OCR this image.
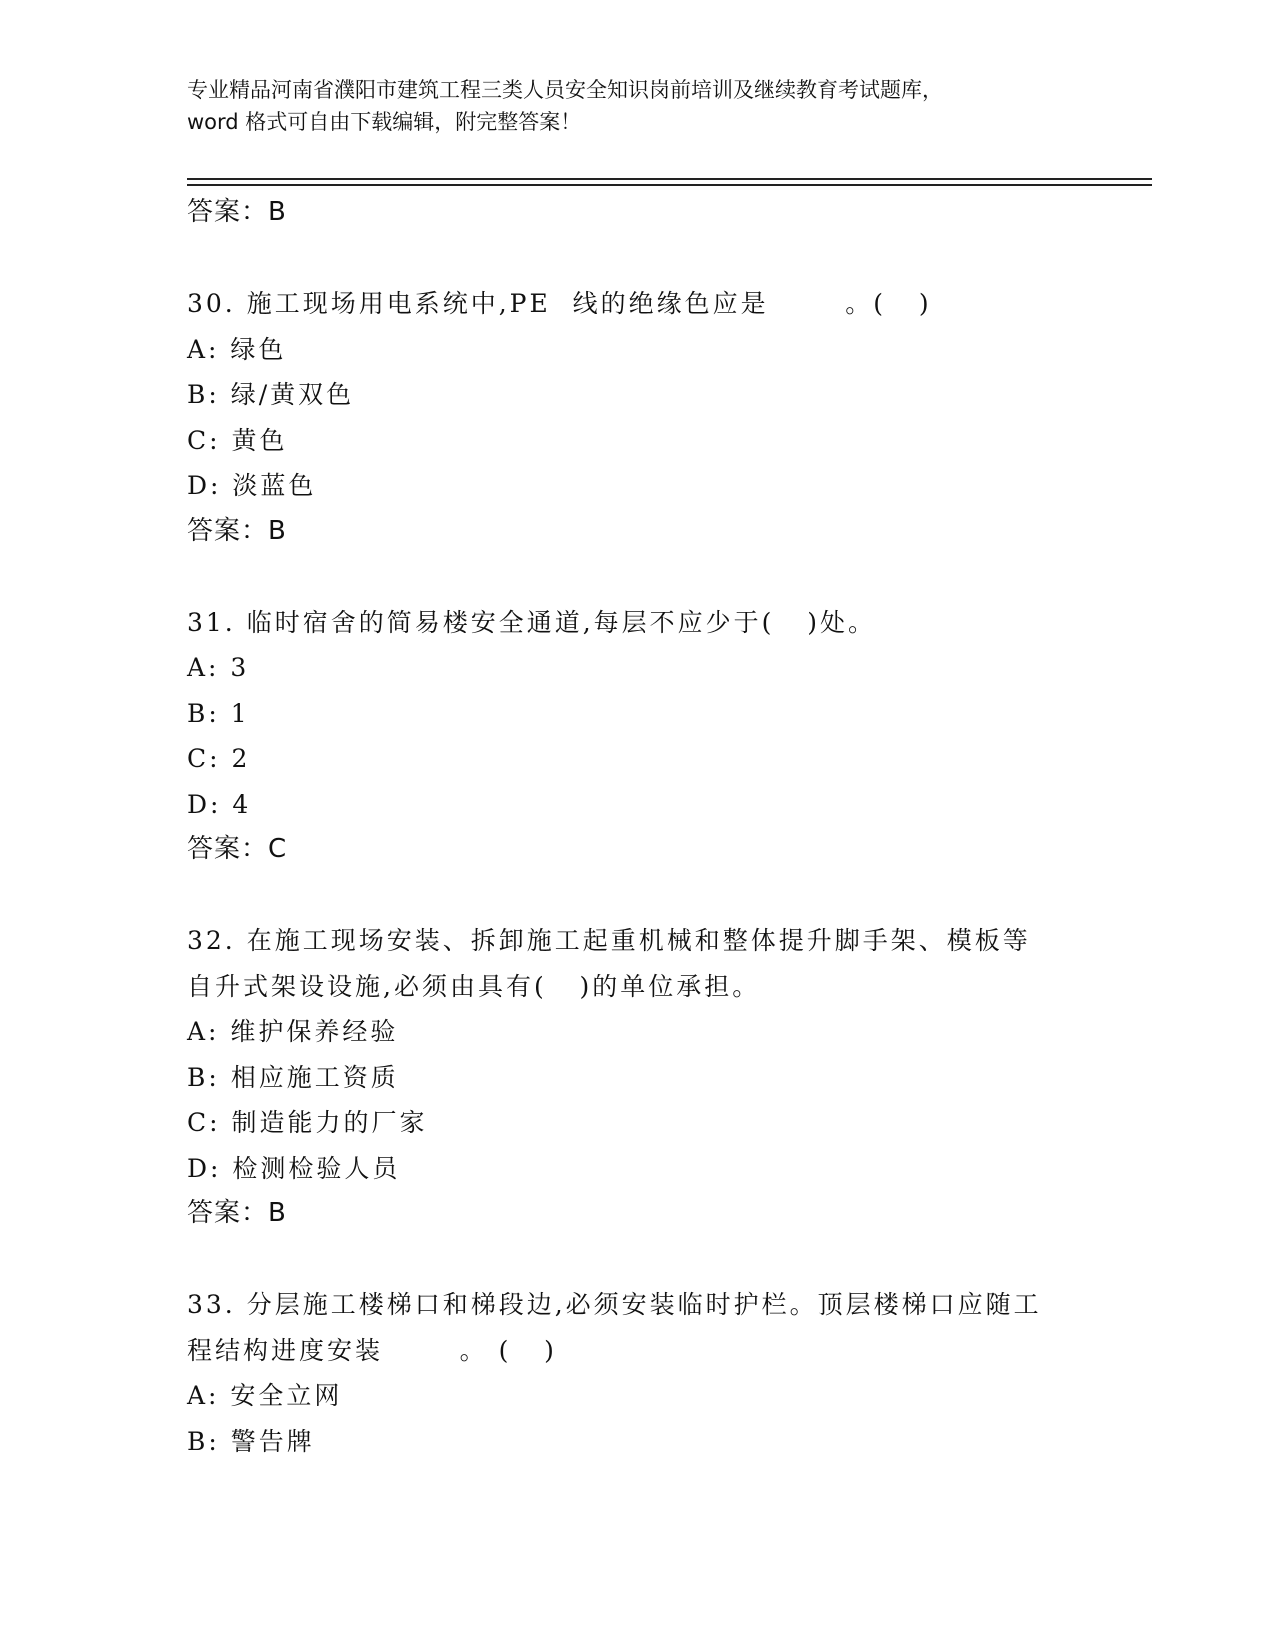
专业精品河南省濮阳市建筑工程三类人员安全知识岗前培训及继续教育考试题库，
word 格式可自由下载编辑，附完整答案！
答案：B
30. 施工现场用电系统中,PE  线的绝缘色应是       。(   )
A: 绿色
B: 绿/黄双色
C: 黄色
D: 淡蓝色
答案：B
31. 临时宿舍的简易楼安全通道,每层不应少于(   )处。
A: 3
B: 1
C: 2
D: 4
答案：C
32. 在施工现场安装、拆卸施工起重机械和整体提升脚手架、模板等
自升式架设设施,必须由具有(   )的单位承担。
A: 维护保养经验
B: 相应施工资质
C: 制造能力的厂家
D: 检测检验人员
答案：B
33. 分层施工楼梯口和梯段边,必须安装临时护栏。顶层楼梯口应随工
程结构进度安装       。 (   )
A: 安全立网
B: 警告牌
